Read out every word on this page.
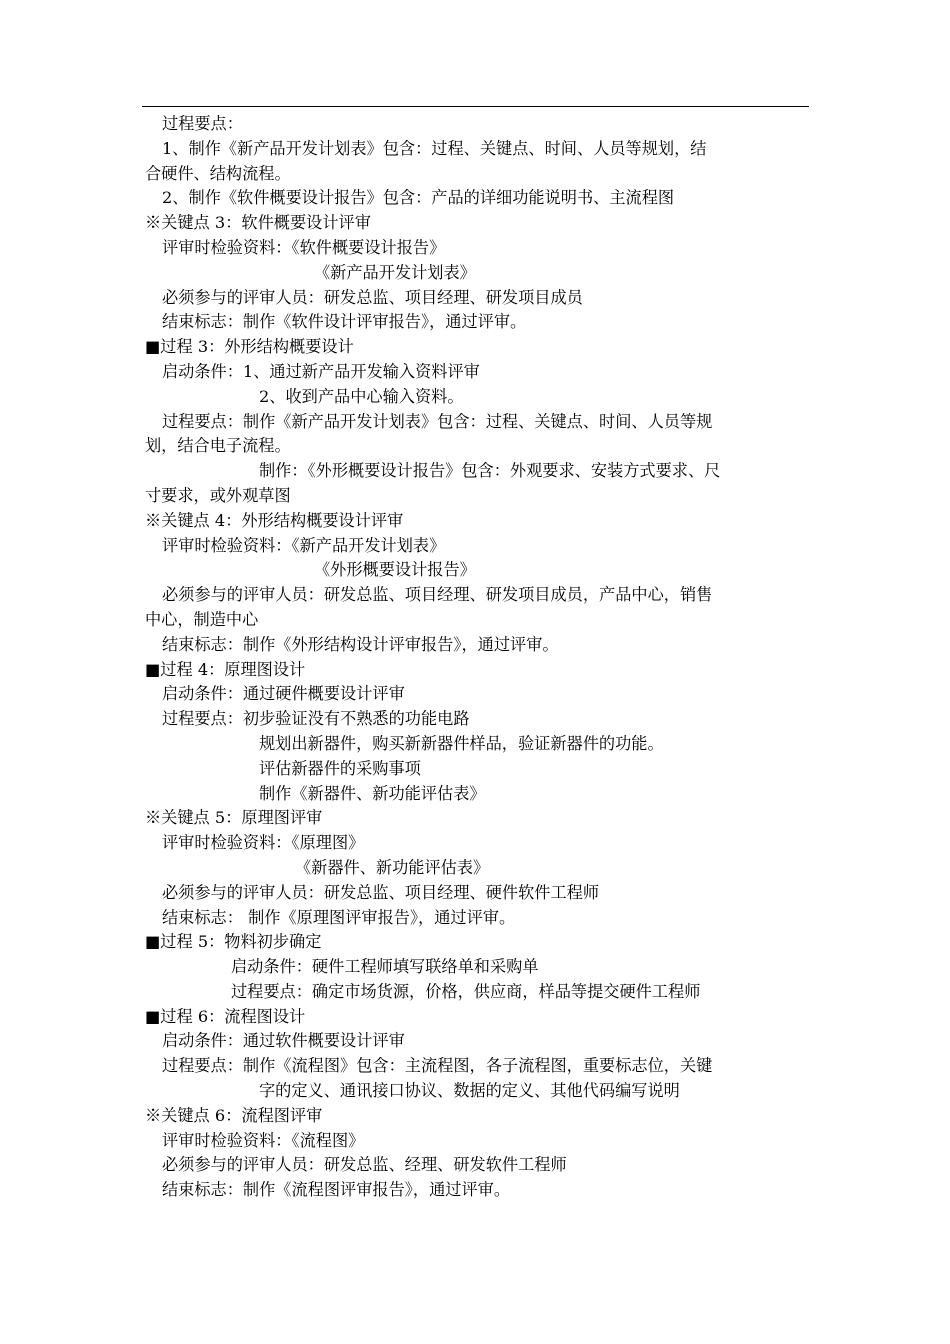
过程要点：
1、制作《新产品开发计划表》包含：过程、关键点、时间、人员等规划，结
合硬件、结构流程。
2、制作《软件概要设计报告》包含：产品的详细功能说明书、主流程图
※关键点 3：软件概要设计评审
评审时检验资料：《软件概要设计报告》
《新产品开发计划表》
必须参与的评审人员：研发总监、项目经理、研发项目成员
结束标志：制作《软件设计评审报告》，通过评审。
■过程 3：外形结构概要设计
启动条件：1、通过新产品开发输入资料评审
2、收到产品中心输入资料。
过程要点：制作《新产品开发计划表》包含：过程、关键点、时间、人员等规
划，结合电子流程。
制作：《外形概要设计报告》包含：外观要求、安装方式要求、尺
寸要求，或外观草图
※关键点 4：外形结构概要设计评审
评审时检验资料：《新产品开发计划表》
《外形概要设计报告》
必须参与的评审人员：研发总监、项目经理、研发项目成员，产品中心，销售
中心，制造中心
结束标志：制作《外形结构设计评审报告》，通过评审。
■过程 4：原理图设计
启动条件：通过硬件概要设计评审
过程要点：初步验证没有不熟悉的功能电路
规划出新器件，购买新新器件样品，验证新器件的功能。
评估新器件的采购事项
制作《新器件、新功能评估表》
※关键点 5：原理图评审
评审时检验资料：《原理图》
《新器件、新功能评估表》
必须参与的评审人员：研发总监、项目经理、硬件软件工程师
结束标志： 制作《原理图评审报告》，通过评审。
■过程 5：物料初步确定
启动条件：硬件工程师填写联络单和采购单
过程要点：确定市场货源，价格，供应商，样品等提交硬件工程师
■过程 6：流程图设计
启动条件：通过软件概要设计评审
过程要点：制作《流程图》包含：主流程图，各子流程图，重要标志位，关键
字的定义、通讯接口协议、数据的定义、其他代码编写说明
※关键点 6：流程图评审
评审时检验资料：《流程图》
必须参与的评审人员：研发总监、经理、研发软件工程师
结束标志：制作《流程图评审报告》，通过评审。
